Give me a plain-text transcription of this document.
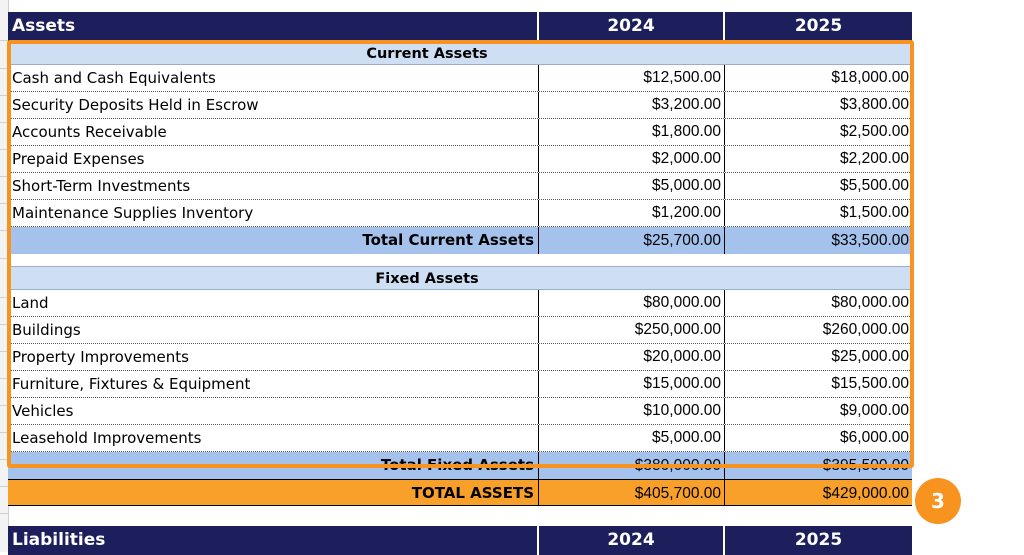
Assets	2024	2025
Current Assets
Cash and Cash Equivalents	$12,500.00	$18,000.00
Security Deposits Held in Escrow	$3,200.00	$3,800.00
Accounts Receivable	$1,800.00	$2,500.00
Prepaid Expenses	$2,000.00	$2,200.00
Short-Term Investments	$5,000.00	$5,500.00
Maintenance Supplies Inventory	$1,200.00	$1,500.00
Total Current Assets	$25,700.00	$33,500.00
Fixed Assets
Land	$80,000.00	$80,000.00
Buildings	$250,000.00	$260,000.00
Property Improvements	$20,000.00	$25,000.00
Furniture, Fixtures & Equipment	$15,000.00	$15,500.00
Vehicles	$10,000.00	$9,000.00
Leasehold Improvements	$5,000.00	$6,000.00
Total Fixed Assets	$380,000.00	$395,500.00
TOTAL ASSETS	$405,700.00	$429,000.00
Liabilities	2024	2025
3
